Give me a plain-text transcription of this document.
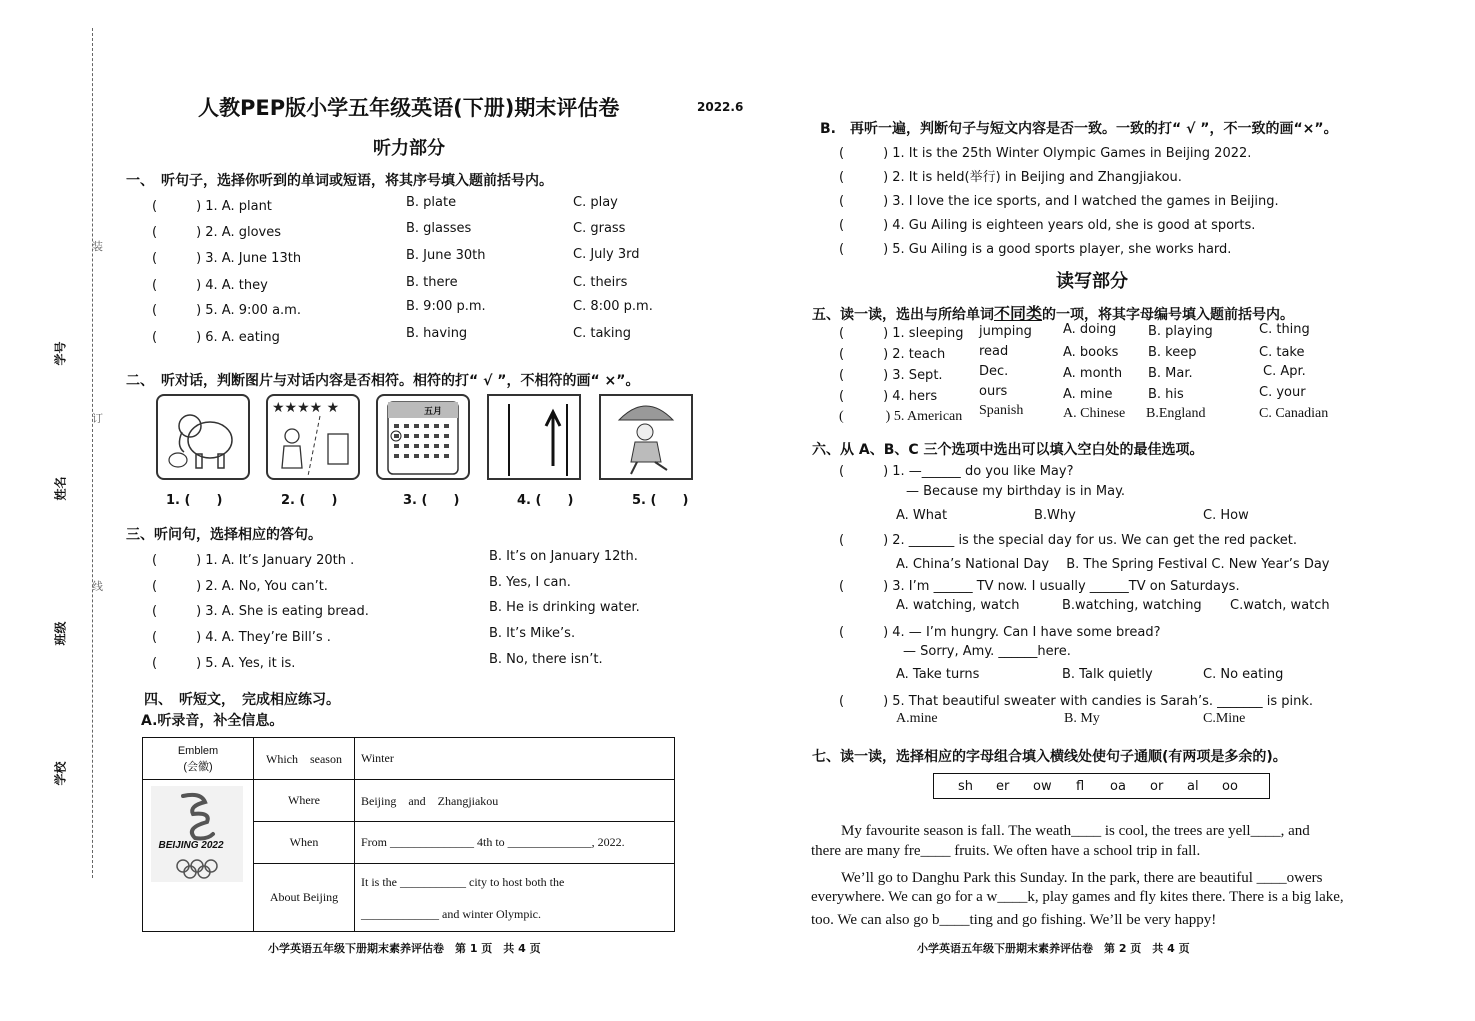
装
订
线
学号
姓名
班级
学校
人教PEP版小学五年级英语(下册)期末评估卷	2022.6
听力部分
一、　听句子，选择你听到的单词或短语，将其序号填入题前括号内。
(　　　) 1. A. plant	B. plate	C. play
(　　　) 2. A. gloves	B. glasses	C. grass
(　　　) 3. A. June 13th	B. June 30th	C. July 3rd
(　　　) 4. A. they	B. there	C. theirs
(　　　) 5. A. 9:00 a.m.	B. 9:00 p.m.	C. 8:00 p.m.
(　　　) 6. A. eating	B. having	C. taking
二、　听对话，判断图片与对话内容是否相符。相符的打“ √ ”，不相符的画“ ×”。
★★★★ ★	五月
1. (　　)	2. (　　)	3. (　　)	4. (　　)	5. (　　)
三、听问句，选择相应的答句。
(　　　) 1. A. It’s January 20th .	B. It’s on January 12th.
(　　　) 2. A. No, You can’t.	B. Yes, I can.
(　　　) 3. A. She is eating bread.	B. He is drinking water.
(　　　) 4. A. They’re Bill’s .	B. It’s Mike’s.
(　　　) 5. A. Yes, it is.	B. No, there isn’t.
四、　听短文，　完成相应练习。
A.听录音，补全信息。
Emblem
(会徽)	Which　season	Winter

BEIJING 2022	Where	Beijing　and　Zhangjiakou
	When	From ______________ 4th to ______________, 2022.
	About Beijing	It is the ___________ city to host both the
_____________ and winter Olympic.
小学英语五年级下册期末素养评估卷　第 1 页　共 4 页
B.　再听一遍，判断句子与短文内容是否一致。一致的打“ √ ”，不一致的画“×”。
(　　　) 1. It is the 25th Winter Olympic Games in Beijing 2022.
(　　　) 2. It is held(举行) in Beijing and Zhangjiakou.
(　　　) 3. I love the ice sports, and I watched the games in Beijing.
(　　　) 4. Gu Ailing is eighteen years old, she is good at sports.
(　　　) 5. Gu Ailing is a good sports player, she works hard.
读写部分
五、读一读，选出与所给单词不同类的一项，将其字母编号填入题前括号内。
(　　　) 1. sleeping jumping A. doing B. playing	C. thing
(　　　) 2. teach	read	A. books B. keep	C. take
(　　　) 3. Sept.	Dec.	A. month B. Mar.	C. Apr.
(　　　) 4. hers	ours	A. mine	B. his	C. your
(　　　) 5. American Spanish	A. Chinese B.England	C. Canadian
六、从 A、B、C 三个选项中选出可以填入空白处的最佳选项。
(　　　) 1. —______ do you like May?
— Because my birthday is in May.
A. What	B.Why	C. How
(　　　) 2. _______ is the special day for us. We can get the red packet.
A. China’s National Day　 B. The Spring Festival C. New Year’s Day
(　　　) 3. I’m ______ TV now. I usually ______TV on Saturdays.
A. watching, watch	B.watching, watching C.watch, watch
(　　　) 4. — I’m hungry. Can I have some bread?
— Sorry, Amy. ______here.
A. Take turns	B. Talk quietly	C. No eating
(　　　) 5. That beautiful sweater with candies is Sarah’s. _______ is pink.
A.mine	B. My	C.Mine
七、读一读，选择相应的字母组合填入横线处使句子通顺(有两项是多余的)。
sh er ow fl oa or al oo
　　My favourite season is fall. The weath____ is cool, the trees are yell____, and
there are many fre____ fruits. We often have a school trip in fall.
　　We’ll go to Danghu Park this Sunday. In the park, there are beautiful ____owers
everywhere. We can go for a w____k, play games and fly kites there. There is a big lake,
too. We can also go b____ting and go fishing. We’ll be very happy!
小学英语五年级下册期末素养评估卷　第 2 页　共 4 页
